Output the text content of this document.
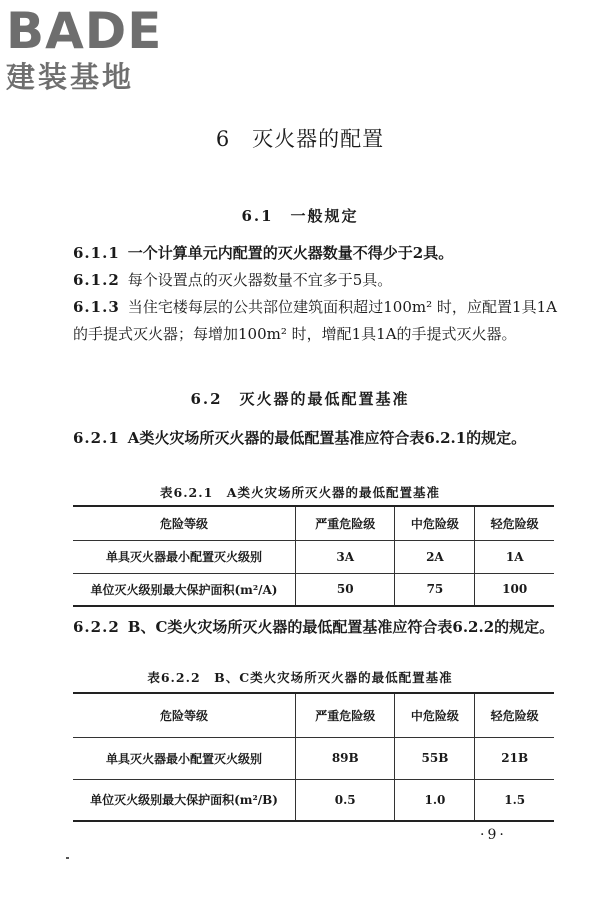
BADE
建装基地
6　灭火器的配置
6.1　一般规定
6.1.1 一个计算单元内配置的灭火器数量不得少于2具。
6.1.2 每个设置点的灭火器数量不宜多于5具。
6.1.3 当住宅楼每层的公共部位建筑面积超过100m² 时，应配置1具1A的手提式灭火器；每增加100m² 时，增配1具1A的手提式灭火器。
6.2　灭火器的最低配置基准
6.2.1 A类火灾场所灭火器的最低配置基准应符合表6.2.1的规定。
表6.2.1　A类火灾场所灭火器的最低配置基准
危险等级	严重危险级	中危险级	轻危险级
单具灭火器最小配置灭火级别	3A	2A	1A
单位灭火级别最大保护面积(m²/A)	50	75	100
6.2.2 B、C类火灾场所灭火器的最低配置基准应符合表6.2.2的规定。
表6.2.2　B、C类火灾场所灭火器的最低配置基准
危险等级	严重危险级	中危险级	轻危险级
单具灭火器最小配置灭火级别	89B	55B	21B
单位灭火级别最大保护面积(m²/B)	0.5	1.0	1.5
·9·
